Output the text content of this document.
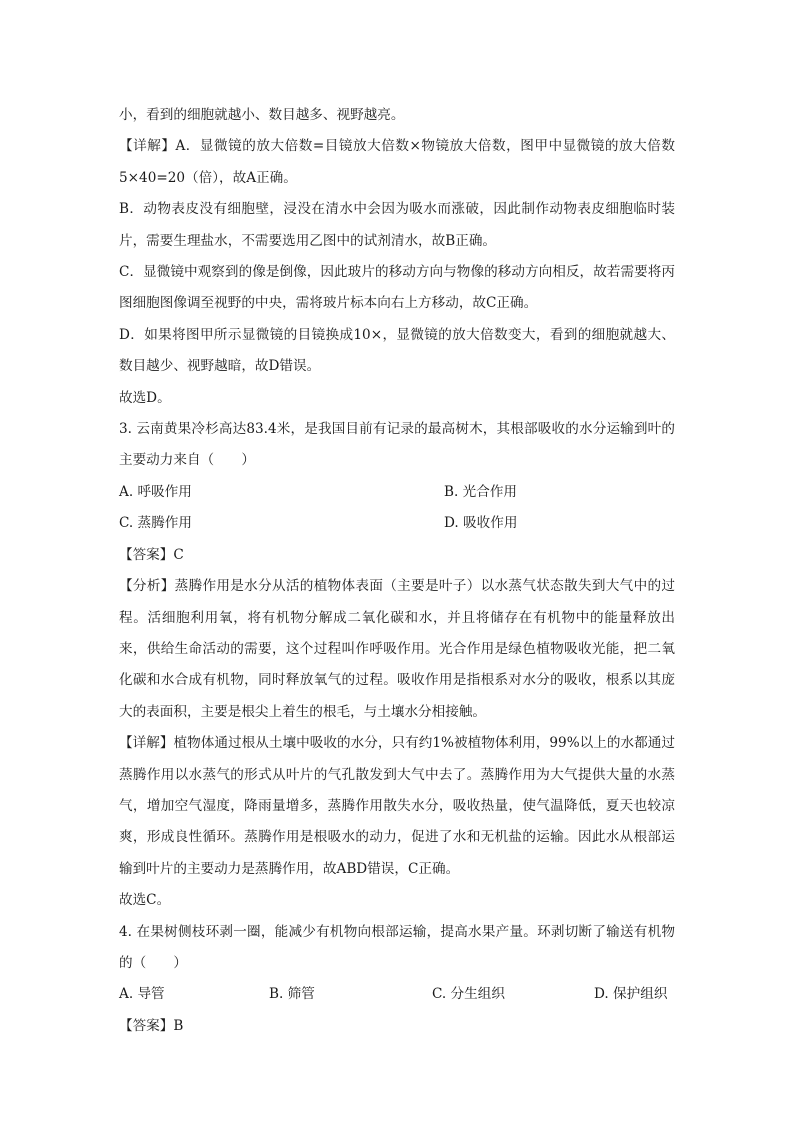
小，看到的细胞就越小、数目越多、视野越亮。

【详解】A．显微镜的放大倍数=目镜放大倍数×物镜放大倍数，图甲中显微镜的放大倍数5×40=20（倍），故A正确。

B．动物表皮没有细胞壁，浸没在清水中会因为吸水而涨破，因此制作动物表皮细胞临时装片，需要生理盐水，不需要选用乙图中的试剂清水，故B正确。

C．显微镜中观察到的像是倒像，因此玻片的移动方向与物像的移动方向相反，故若需要将丙图细胞图像调至视野的中央，需将玻片标本向右上方移动，故C正确。

D．如果将图甲所示显微镜的目镜换成10×，显微镜的放大倍数变大，看到的细胞就越大、数目越少、视野越暗，故D错误。

故选D。

3. 云南黄果冷杉高达83.4米，是我国目前有记录的最高树木，其根部吸收的水分运输到叶的主要动力来自（　　）

A. 呼吸作用	B. 光合作用
C. 蒸腾作用	D. 吸收作用

【答案】C

【分析】蒸腾作用是水分从活的植物体表面（主要是叶子）以水蒸气状态散失到大气中的过程。活细胞利用氧，将有机物分解成二氧化碳和水，并且将储存在有机物中的能量释放出来，供给生命活动的需要，这个过程叫作呼吸作用。光合作用是绿色植物吸收光能，把二氧化碳和水合成有机物，同时释放氧气的过程。吸收作用是指根系对水分的吸收，根系以其庞大的表面积，主要是根尖上着生的根毛，与土壤水分相接触。

【详解】植物体通过根从土壤中吸收的水分，只有约1%被植物体利用，99%以上的水都通过蒸腾作用以水蒸气的形式从叶片的气孔散发到大气中去了。蒸腾作用为大气提供大量的水蒸气，增加空气湿度，降雨量增多，蒸腾作用散失水分，吸收热量，使气温降低，夏天也较凉爽，形成良性循环。蒸腾作用是根吸水的动力，促进了水和无机盐的运输。因此水从根部运输到叶片的主要动力是蒸腾作用，故ABD错误，C正确。

故选C。

4. 在果树侧枝环剥一圈，能减少有机物向根部运输，提高水果产量。环剥切断了输送有机物的（　　）

A. 导管	B. 筛管	C. 分生组织	D. 保护组织

【答案】B
